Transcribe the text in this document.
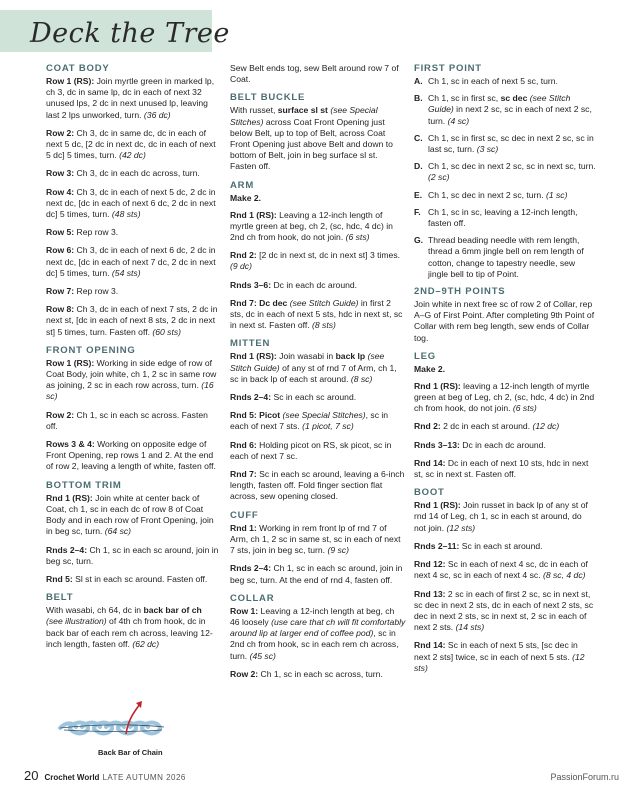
Deck the Tree
COAT BODY
Row 1 (RS): Join myrtle green in marked lp, ch 3, dc in same lp, dc in each of next 32 unused lps, 2 dc in next unused lp, leaving last 2 lps unworked, turn. (36 dc)
Row 2: Ch 3, dc in same dc, dc in each of next 5 dc, [2 dc in next dc, dc in each of next 5 dc] 5 times, turn. (42 dc)
Row 3: Ch 3, dc in each dc across, turn.
Row 4: Ch 3, dc in each of next 5 dc, 2 dc in next dc, [dc in each of next 6 dc, 2 dc in next dc] 5 times, turn. (48 sts)
Row 5: Rep row 3.
Row 6: Ch 3, dc in each of next 6 dc, 2 dc in next dc, [dc in each of next 7 dc, 2 dc in next dc] 5 times, turn. (54 sts)
Row 7: Rep row 3.
Row 8: Ch 3, dc in each of next 7 sts, 2 dc in next st, [dc in each of next 8 sts, 2 dc in next st] 5 times, turn. Fasten off. (60 sts)
FRONT OPENING
Row 1 (RS): Working in side edge of row of Coat Body, join white, ch 1, 2 sc in same row as joining, 2 sc in each row across, turn. (16 sc)
Row 2: Ch 1, sc in each sc across. Fasten off.
Rows 3 & 4: Working on opposite edge of Front Opening, rep rows 1 and 2. At the end of row 2, leaving a length of white, fasten off.
BOTTOM TRIM
Rnd 1 (RS): Join white at center back of Coat, ch 1, sc in each dc of row 8 of Coat Body and in each row of Front Opening, join in beg sc, turn. (64 sc)
Rnds 2–4: Ch 1, sc in each sc around, join in beg sc, turn.
Rnd 5: Sl st in each sc around. Fasten off.
BELT
With wasabi, ch 64, dc in back bar of ch (see illustration) of 4th ch from hook, dc in back bar of each rem ch across, leaving 12-inch length, fasten off. (62 dc)
Sew Belt ends tog, sew Belt around row 7 of Coat.
BELT BUCKLE
With russet, surface sl st (see Special Stitches) across Coat Front Opening just below Belt, up to top of Belt, across Coat Front Opening just above Belt and down to bottom of Belt, join in beg surface sl st. Fasten off.
ARM
Make 2.
Rnd 1 (RS): Leaving a 12-inch length of myrtle green at beg, ch 2, (sc, hdc, 4 dc) in 2nd ch from hook, do not join. (6 sts)
Rnd 2: [2 dc in next st, dc in next st] 3 times. (9 dc)
Rnds 3–6: Dc in each dc around.
Rnd 7: Dc dec (see Stitch Guide) in first 2 sts, dc in each of next 5 sts, hdc in next st, sc in next st. Fasten off. (8 sts)
MITTEN
Rnd 1 (RS): Join wasabi in back lp (see Stitch Guide) of any st of rnd 7 of Arm, ch 1, sc in back lp of each st around. (8 sc)
Rnds 2–4: Sc in each sc around.
Rnd 5: Picot (see Special Stitches), sc in each of next 7 sts. (1 picot, 7 sc)
Rnd 6: Holding picot on RS, sk picot, sc in each of next 7 sc.
Rnd 7: Sc in each sc around, leaving a 6-inch length, fasten off. Fold finger section flat across, sew opening closed.
CUFF
Rnd 1: Working in rem front lp of rnd 7 of Arm, ch 1, 2 sc in same st, sc in each of next 7 sts, join in beg sc, turn. (9 sc)
Rnds 2–4: Ch 1, sc in each sc around, join in beg sc, turn. At the end of rnd 4, fasten off.
COLLAR
Row 1: Leaving a 12-inch length at beg, ch 46 loosely (use care that ch will fit comfortably around lip at larger end of coffee pod), sc in 2nd ch from hook, sc in each rem ch across, turn. (45 sc)
Row 2: Ch 1, sc in each sc across, turn.
FIRST POINT
A. Ch 1, sc in each of next 5 sc, turn.
B. Ch 1, sc in first sc, sc dec (see Stitch Guide) in next 2 sc, sc in each of next 2 sc, turn. (4 sc)
C. Ch 1, sc in first sc, sc dec in next 2 sc, sc in last sc, turn. (3 sc)
D. Ch 1, sc dec in next 2 sc, sc in next sc, turn. (2 sc)
E. Ch 1, sc dec in next 2 sc, turn. (1 sc)
F. Ch 1, sc in sc, leaving a 12-inch length, fasten off.
G. Thread beading needle with rem length, thread a 6mm jingle bell on rem length of cotton, change to tapestry needle, sew jingle bell to tip of Point.
2ND–9TH POINTS
Join white in next free sc of row 2 of Collar, rep A–G of First Point. After completing 9th Point of Collar with rem beg length, sew ends of Collar tog.
LEG
Make 2.
Rnd 1 (RS): leaving a 12-inch length of myrtle green at beg of Leg, ch 2, (sc, hdc, 4 dc) in 2nd ch from hook, do not join. (6 sts)
Rnd 2: 2 dc in each st around. (12 dc)
Rnds 3–13: Dc in each dc around.
Rnd 14: Dc in each of next 10 sts, hdc in next st, sc in next st. Fasten off.
BOOT
Rnd 1 (RS): Join russet in back lp of any st of rnd 14 of Leg, ch 1, sc in each st around, do not join. (12 sts)
Rnds 2–11: Sc in each st around.
Rnd 12: Sc in each of next 4 sc, dc in each of next 4 sc, sc in each of next 4 sc. (8 sc, 4 dc)
Rnd 13: 2 sc in each of first 2 sc, sc in next st, sc dec in next 2 sts, dc in each of next 2 sts, sc dec in next 2 sts, sc in next st, 2 sc in each of next 2 sts. (14 sts)
Rnd 14: Sc in each of next 5 sts, [sc dec in next 2 sts] twice, sc in each of next 5 sts. (12 sts)
Back Bar of Chain
20 Crochet World LATE AUTUMN 2026	PassionForum.ru
